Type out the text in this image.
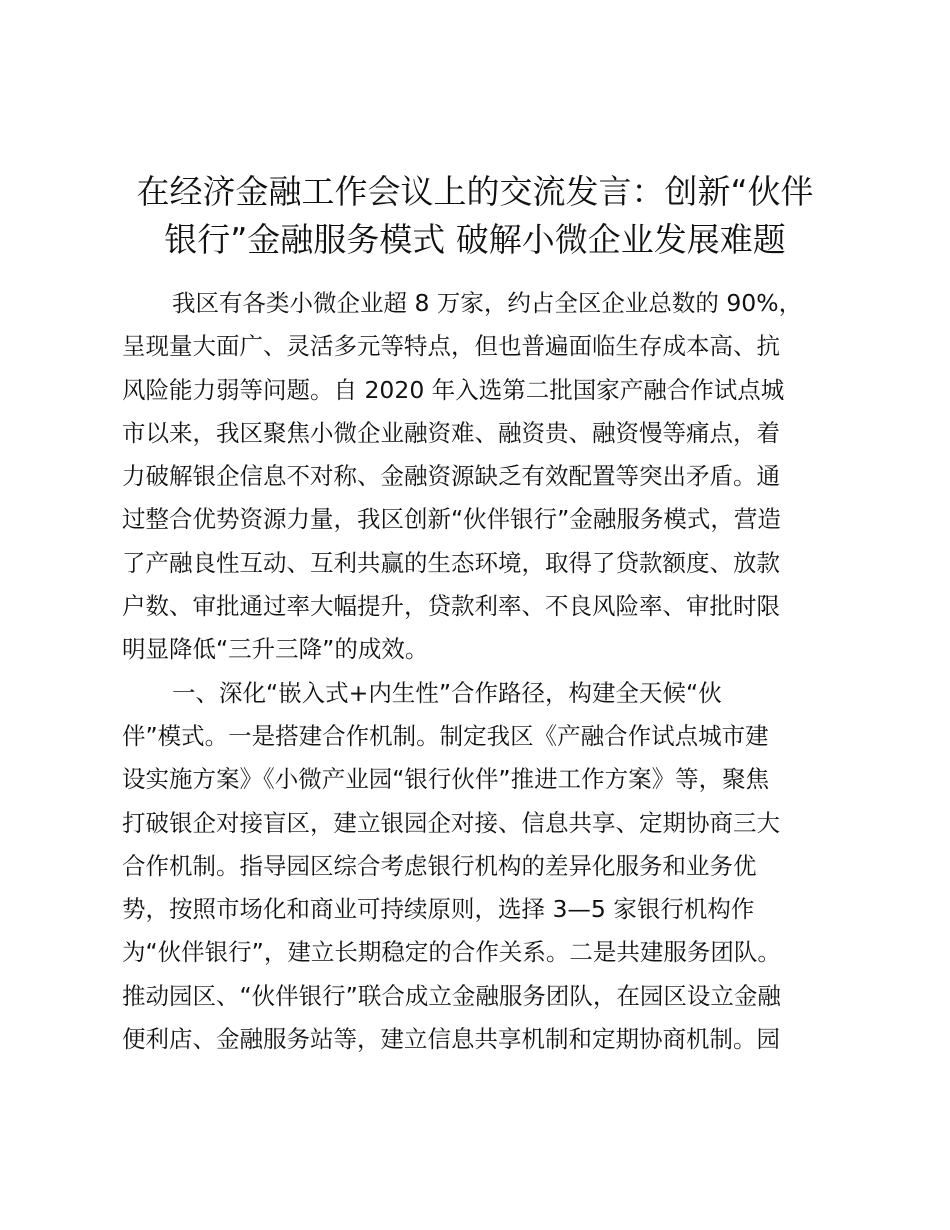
在经济金融工作会议上的交流发言：创新“伙伴
银行”金融服务模式 破解小微企业发展难题
我区有各类小微企业超 8 万家，约占全区企业总数的 90%，
呈现量大面广、灵活多元等特点，但也普遍面临生存成本高、抗
风险能力弱等问题。自 2020 年入选第二批国家产融合作试点城
市以来，我区聚焦小微企业融资难、融资贵、融资慢等痛点，着
力破解银企信息不对称、金融资源缺乏有效配置等突出矛盾。通
过整合优势资源力量，我区创新“伙伴银行”金融服务模式，营造
了产融良性互动、互利共赢的生态环境，取得了贷款额度、放款
户数、审批通过率大幅提升，贷款利率、不良风险率、审批时限
明显降低“三升三降”的成效。
一、深化“嵌入式+内生性”合作路径，构建全天候“伙
伴”模式。一是搭建合作机制。制定我区《产融合作试点城市建
设实施方案》《小微产业园“银行伙伴”推进工作方案》等，聚焦
打破银企对接盲区，建立银园企对接、信息共享、定期协商三大
合作机制。指导园区综合考虑银行机构的差异化服务和业务优
势，按照市场化和商业可持续原则，选择 3—5 家银行机构作
为“伙伴银行”，建立长期稳定的合作关系。二是共建服务团队。
推动园区、“伙伴银行”联合成立金融服务团队，在园区设立金融
便利店、金融服务站等，建立信息共享机制和定期协商机制。园
